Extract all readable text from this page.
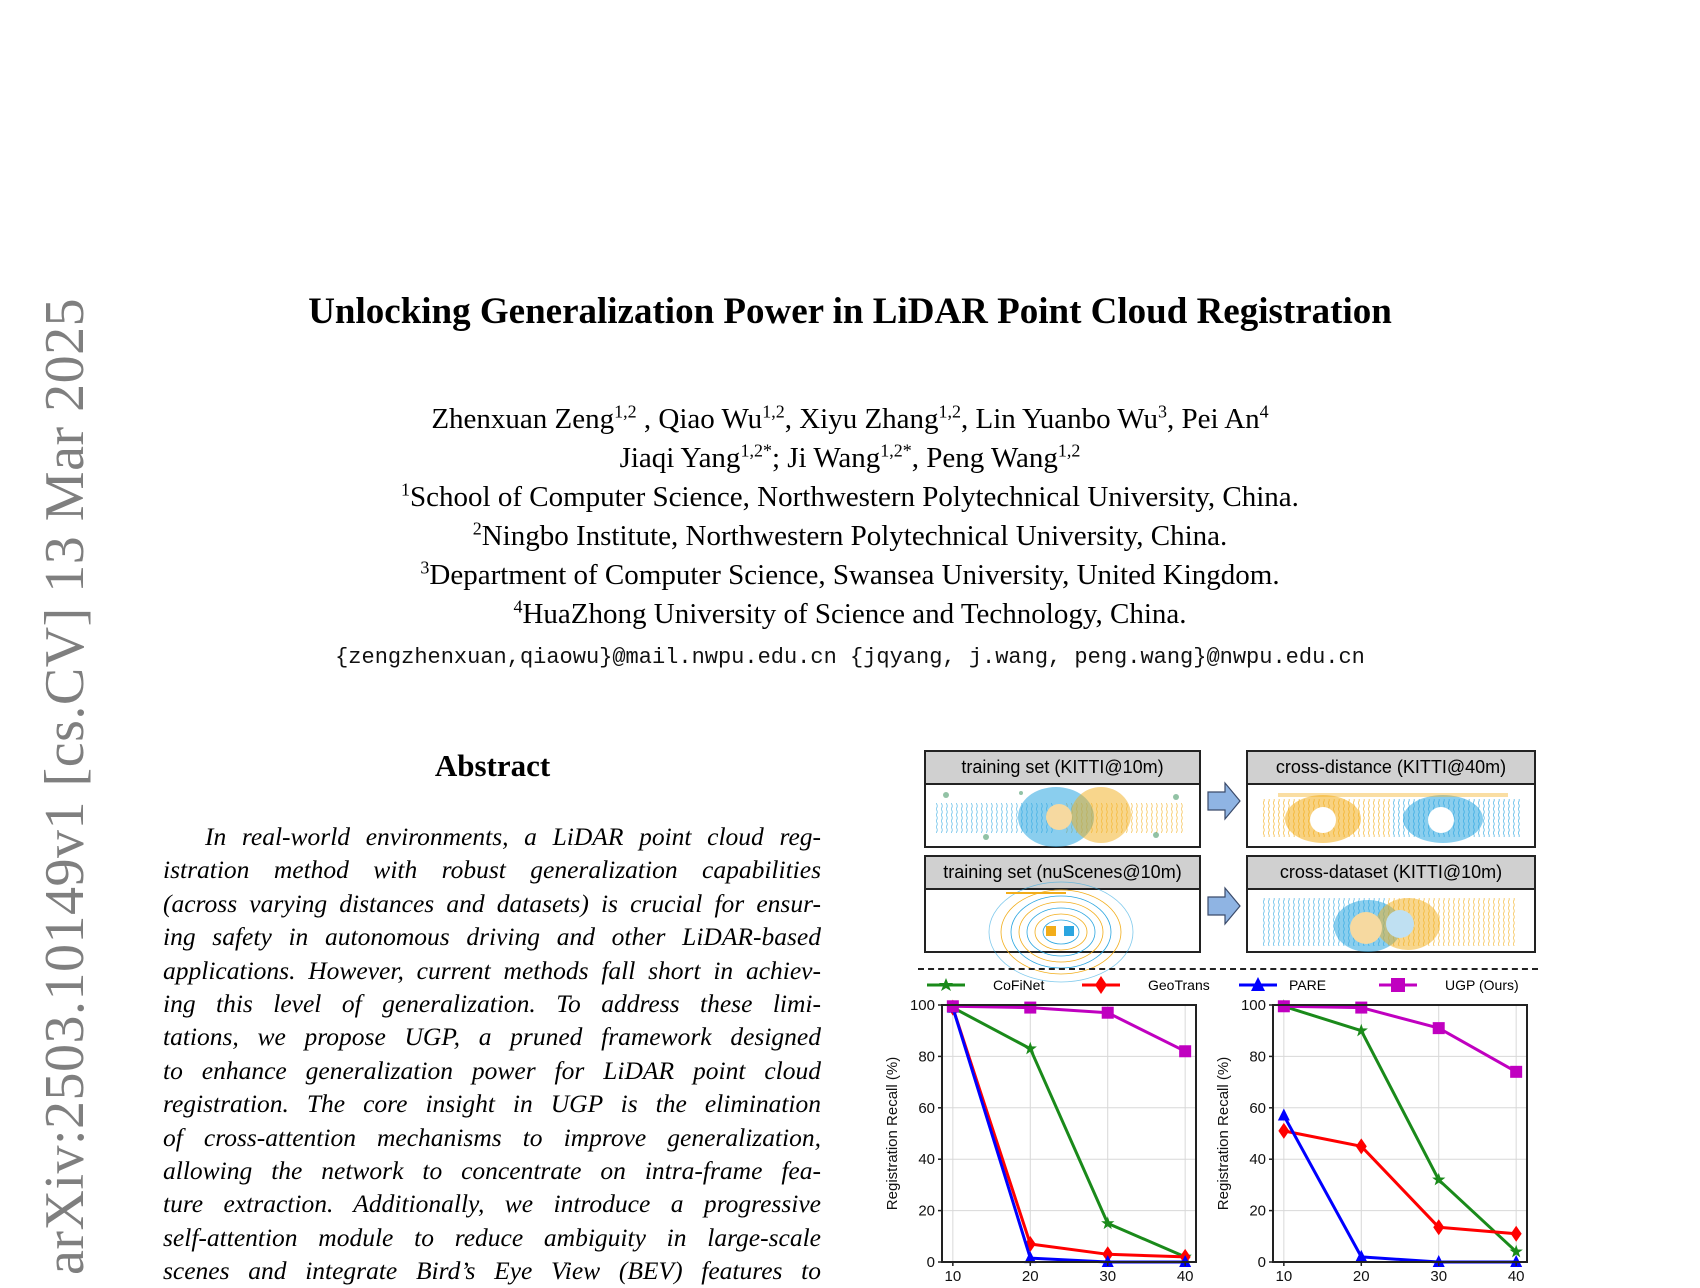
arXiv:2503.10149v1 [cs.CV] 13 Mar 2025	Unlocking Generalization Power in LiDAR Point Cloud Registration
Zhenxuan Zeng$^{1,2}$ , Qiao Wu$^{1,2}$, Xiyu Zhang$^{1,2}$, Lin Yuanbo Wu$^3$, Pei An$^4$
Jiaqi Yang$^{1,2*}$; Ji Wang$^{1,2*}$, Peng Wang$^{1,2}$
$^1$School of Computer Science, Northwestern Polytechnical University, China.
$^2$Ningbo Institute, Northwestern Polytechnical University, China.
$^3$Department of Computer Science, Swansea University, United Kingdom.
$^4$HuaZhong University of Science and Technology, China.
{zengzhenxuan,qiaowu}@mail.nwpu.edu.cn {jqyang, j.wang, peng.wang}@nwpu.edu.cn
Abstract
In real-world environments, a LiDAR point cloud reg-
istration method with robust generalization capabilities
(across varying distances and datasets) is crucial for ensur-
ing safety in autonomous driving and other LiDAR-based
applications. However, current methods fall short in achiev-
ing this level of generalization. To address these limi-
tations, we propose UGP, a pruned framework designed
to enhance generalization power for LiDAR point cloud
registration. The core insight in UGP is the elimination
of cross-attention mechanisms to improve generalization,
allowing the network to concentrate on intra-frame fea-
ture extraction. Additionally, we introduce a progressive
self-attention module to reduce ambiguity in large-scale
scenes and integrate Bird’s Eye View (BEV) features to
training set (KITTI@10m)	cross-distance (KITTI@40m)
training set (nuScenes@10m)	cross-dataset (KITTI@10m)
CoFiNet	GeoTrans	PARE	UGP (Ours)
0
20
40
60
80
100
10	20	30	40
Registration Recall (%)
0
20
40
60
80
100
10	20	30	40
Registration Recall (%)
